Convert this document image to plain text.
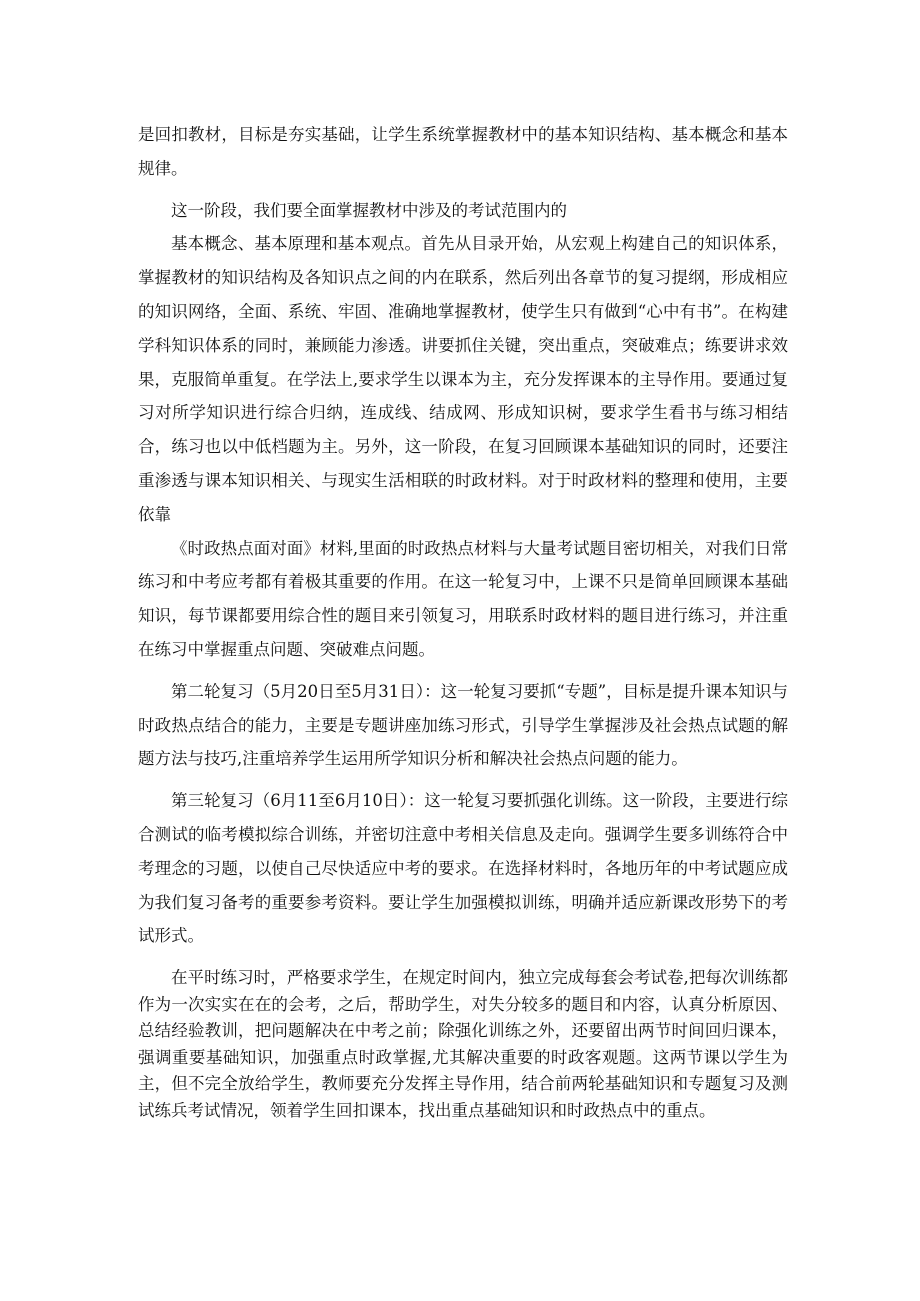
是回扣教材，目标是夯实基础，让学生系统掌握教材中的基本知识结构、基本概念和基本规律。

这一阶段，我们要全面掌握教材中涉及的考试范围内的

基本概念、基本原理和基本观点。首先从目录开始，从宏观上构建自己的知识体系，掌握教材的知识结构及各知识点之间的内在联系，然后列出各章节的复习提纲，形成相应的知识网络，全面、系统、牢固、准确地掌握教材，使学生只有做到“心中有书”。在构建学科知识体系的同时，兼顾能力渗透。讲要抓住关键，突出重点，突破难点；练要讲求效果，克服简单重复。在学法上,要求学生以课本为主，充分发挥课本的主导作用。要通过复习对所学知识进行综合归纳，连成线、结成网、形成知识树，要求学生看书与练习相结合，练习也以中低档题为主。另外，这一阶段，在复习回顾课本基础知识的同时，还要注重渗透与课本知识相关、与现实生活相联的时政材料。对于时政材料的整理和使用，主要依靠

《时政热点面对面》材料,里面的时政热点材料与大量考试题目密切相关，对我们日常练习和中考应考都有着极其重要的作用。在这一轮复习中，上课不只是简单回顾课本基础知识，每节课都要用综合性的题目来引领复习，用联系时政材料的题目进行练习，并注重在练习中掌握重点问题、突破难点问题。

第二轮复习（5月20日至5月31日）：这一轮复习要抓“专题”，目标是提升课本知识与时政热点结合的能力，主要是专题讲座加练习形式，引导学生掌握涉及社会热点试题的解题方法与技巧,注重培养学生运用所学知识分析和解决社会热点问题的能力。

第三轮复习（6月11至6月10日）：这一轮复习要抓强化训练。这一阶段，主要进行综合测试的临考模拟综合训练，并密切注意中考相关信息及走向。强调学生要多训练符合中考理念的习题，以使自己尽快适应中考的要求。在选择材料时，各地历年的中考试题应成为我们复习备考的重要参考资料。要让学生加强模拟训练，明确并适应新课改形势下的考试形式。

在平时练习时，严格要求学生，在规定时间内，独立完成每套会考试卷,把每次训练都作为一次实实在在的会考，之后，帮助学生，对失分较多的题目和内容，认真分析原因、总结经验教训，把问题解决在中考之前；除强化训练之外，还要留出两节时间回归课本，强调重要基础知识，加强重点时政掌握,尤其解决重要的时政客观题。这两节课以学生为主，但不完全放给学生，教师要充分发挥主导作用，结合前两轮基础知识和专题复习及测试练兵考试情况，领着学生回扣课本，找出重点基础知识和时政热点中的重点。
